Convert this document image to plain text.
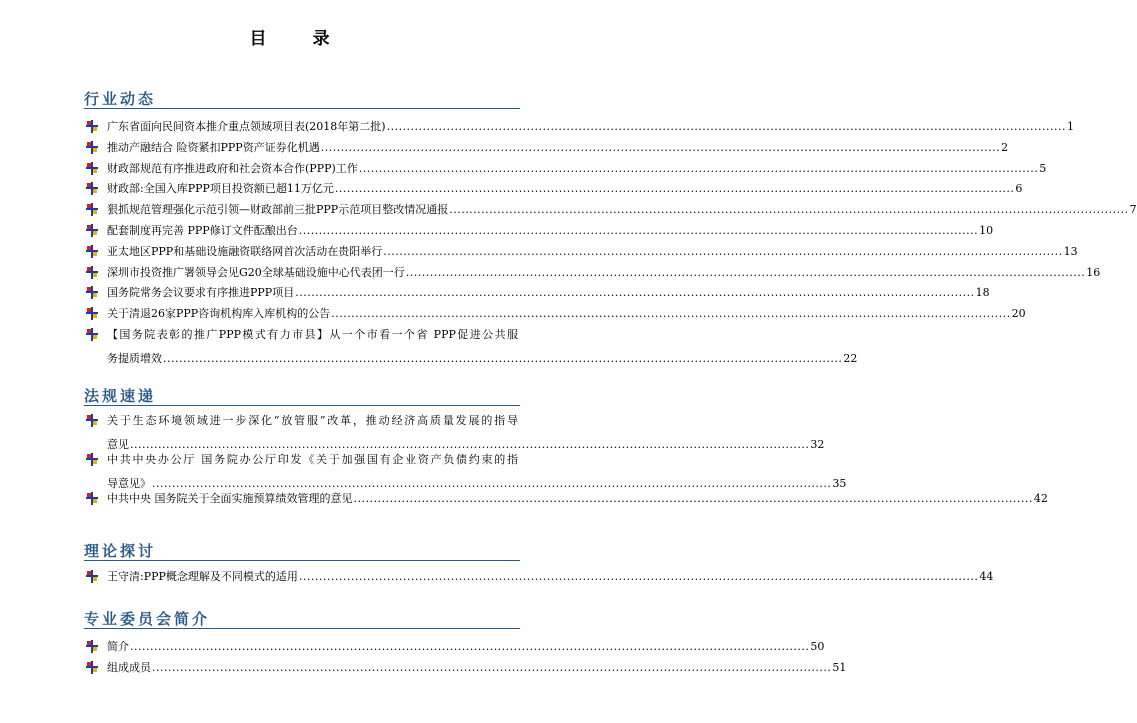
目 录
行业动态
广东省面向民间资本推介重点领域项目表(2018年第二批) .....	1
推动产融结合 险资紧扣PPP资产证券化机遇 .....	2
财政部规范有序推进政府和社会资本合作(PPP)工作 .....	5
财政部:全国入库PPP项目投资额已超11万亿元 .....	6
狠抓规范管理强化示范引领—财政部前三批PPP示范项目整改情况通报 .....	7
配套制度再完善 PPP修订文件酝酿出台 .....	10
亚太地区PPP和基础设施融资联络网首次活动在贵阳举行 .....	13
深圳市投资推广署领导会见G20全球基础设施中心代表团一行 .....	16
国务院常务会议要求有序推进PPP项目 .....	18
关于清退26家PPP咨询机构库入库机构的公告 .....	20
【国务院表彰的推广PPP模式有力市县】从一个市看一个省 PPP促进公共服
务提质增效 .....	22
法规速递
关于生态环境领域进一步深化“放管服”改革，推动经济高质量发展的指导
意见 .....	32
中共中央办公厅 国务院办公厅印发《关于加强国有企业资产负债约束的指
导意见》 .....	35
中共中央 国务院关于全面实施预算绩效管理的意见 .....	42
理论探讨
王守清:PPP概念理解及不同模式的适用 .....	44
专业委员会简介
简介 .....	50
组成成员 .....	51
